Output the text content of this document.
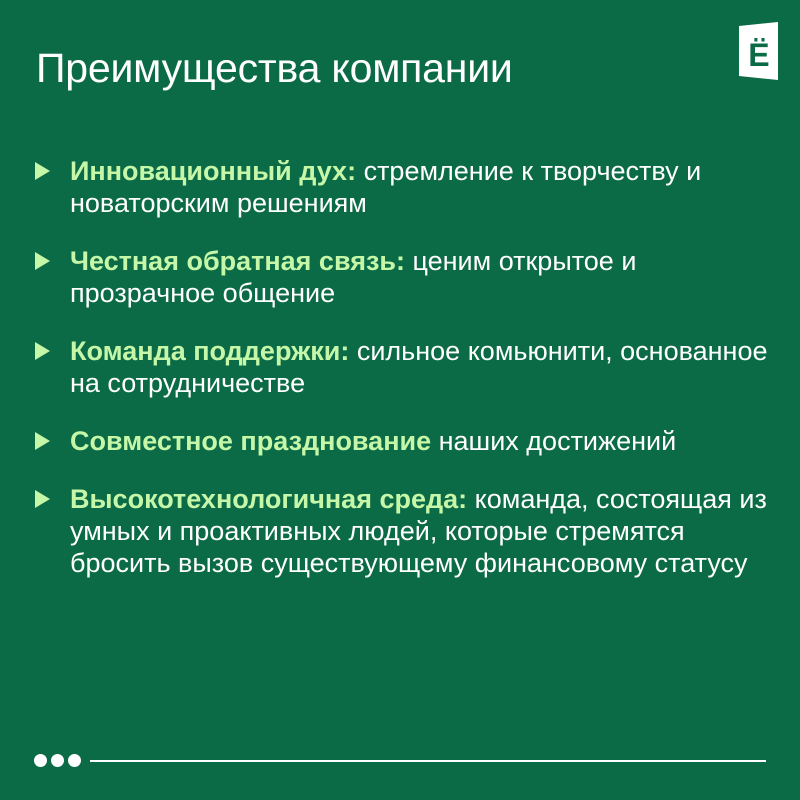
Преимущества компании	Ё
Инновационный дух: стремление к творчеству и новаторским решениям
Честная обратная связь: ценим открытое и прозрачное общение
Команда поддержки: сильное комьюнити, основанное на сотрудничестве
Совместное празднование наших достижений
Высокотехнологичная среда: команда, состоящая из умных и проактивных людей, которые стремятся бросить вызов существующему финансовому статусу
